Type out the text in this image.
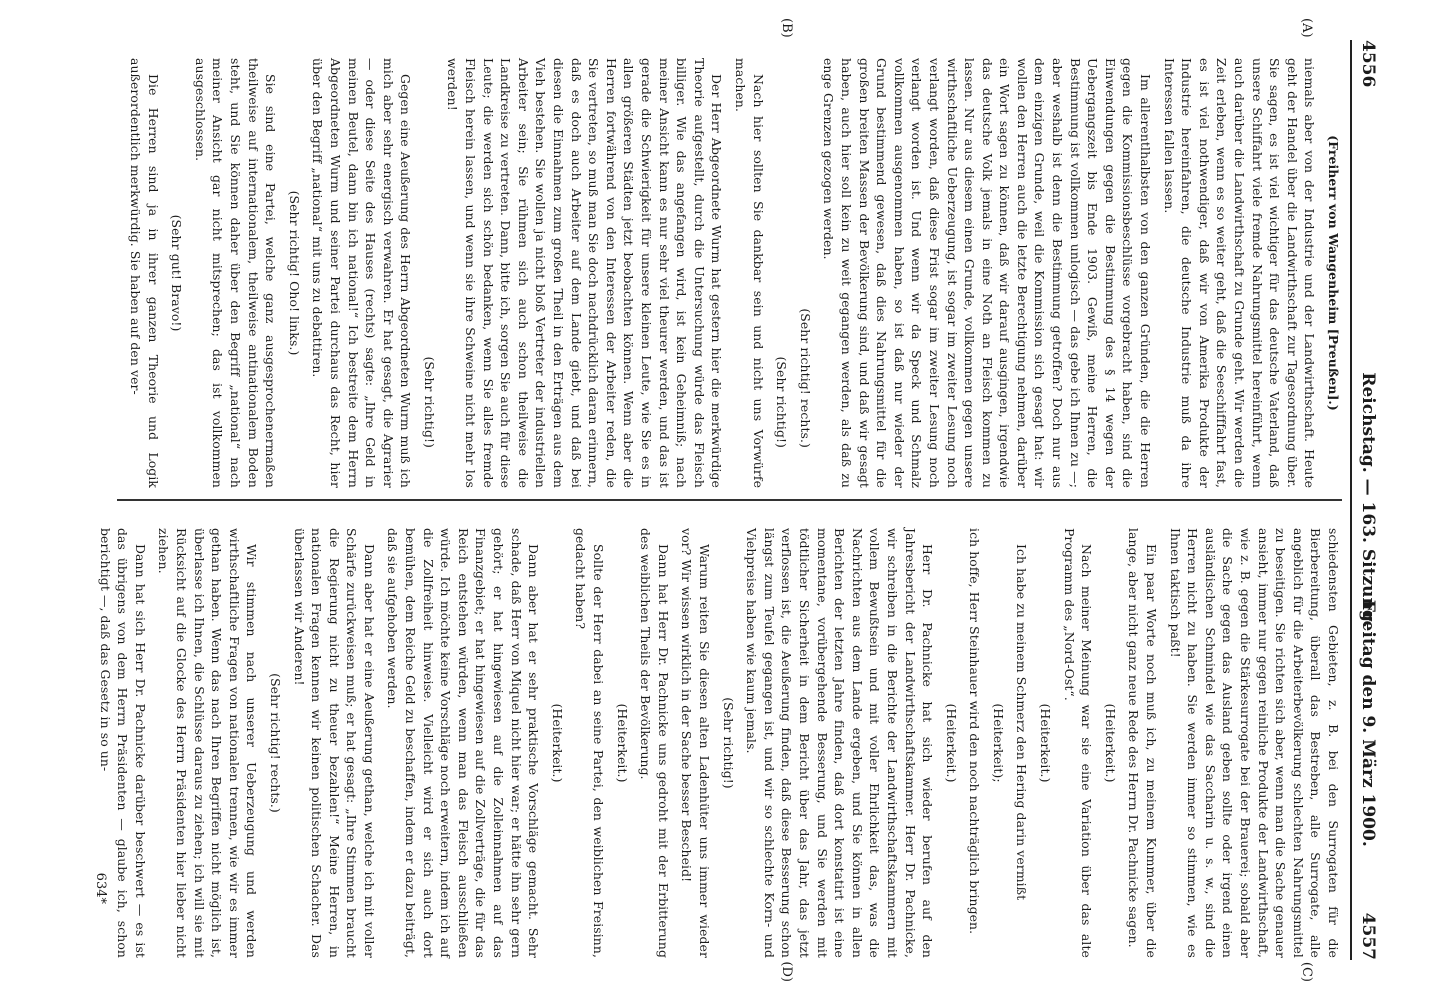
4556
Reichstag. — 163. Sitzung.
Freitag den 9. März 1900. 4557
(A)
(B)
(C)
(D)

(Freiherr von Wangenheim [Preußen].)

niemals aber von der Industrie und der Landwirthschaft. Heute geht der Handel über die Landwirthschaft zur Tagesordnung über. Sie sagen, es ist viel wichtiger für das deutsche Vaterland, daß unsere Schiffahrt viele fremde Nahrungsmittel hereinführt, wenn auch darüber die Landwirthschaft zu Grunde geht. Wir werden die Zeit erleben, wenn es so weiter geht, daß die Seeschifffahrt fast, es ist viel nothwendiger, daß wir von Amerika Produkte der Industrie hereinfahren, die deutsche Industrie muß da ihre Interessen fallen lassen.

Im allerentlhalbsten von den ganzen Gründen, die die Herren gegen die Kommissionsbeschlüsse vorgebracht haben, sind die Einwendungen gegen die Bestimmung des § 14 wegen der Uebergangszeit bis Ende 1903. Gewiß, meine Herren, die Bestimmung ist vollkommen unlogisch — das gebe ich Ihnen zu —; aber weshalb ist denn die Bestimmung getroffen? Doch nur aus dem einzigen Grunde, weil die Kommission sich gesagt hat: wir wollen den Herren auch die letzte Berechtigung nehmen, darüber ein Wort sagen zu können, daß wir darauf ausgingen, irgendwie das deutsche Volk jemals in eine Noth an Fleisch kommen zu lassen. Nur aus diesem einen Grunde, vollkommen gegen unsere wirthschaftliche Ueberzeugung, ist sogar im zweiter Lesung noch verlangt worden, daß diese Frist sogar im zweiter Lesung noch verlangt worden ist. Und wenn wir da Speck und Schmalz vollkommen ausgenommen haben, so ist daß nur wieder der Grund bestimmend gewesen, daß dies Nahrungsmittel für die großen breiten Massen der Bevölkerung sind, und daß wir gesagt haben, auch hier soll kein zu weit gegangen werden, als daß zu enge Grenzen gezogen werden.

(Sehr richtig! rechts.)

(Sehr richtig!)

Nach hier sollten Sie dankbar sein und nicht uns Vorwürfe machen.

Der Herr Abgeordnete Wurm hat gestern hier die merkwürdige Theorie aufgestellt, durch die Untersuchung würde das Fleisch billiger. Wie das angefangen wird, ist kein Geheimniß; nach meiner Ansicht kann es nur sehr viel theurer werden, und das ist gerade die Schwierigkeit für unsere kleinen Leute, wie Sie es in allen größeren Städten jetzt beobachten können. Wenn aber die Herren fortwährend von den Interessen der Arbeiter reden, die Sie vertreten, so muß man Sie doch nachdrücklich daran erinnern, daß es doch auch Arbeiter auf dem Lande giebt, und daß bei diesen die Einnahmen zum großen Theil in den Erträgen aus dem Vieh bestehen. Sie wollen ja nicht bloß Vertreter der industriellen Arbeiter sein; Sie rühmen sich auch schon theilweise die Landkreise zu vertreten. Dann, bitte ich, sorgen Sie auch für diese Leute; die werden sich schön bedanken, wenn Sie alles fremde Fleisch herein lassen, und wenn sie ihre Schweine nicht mehr los werden!

(Sehr richtig!)

Gegen eine Aeußerung des Herrn Abgeordneten Wurm muß ich mich aber sehr energisch verwahren. Er hat gesagt, die Agrarier — oder diese Seite des Hauses (rechts) sagte: „Ihre Geld in meinen Beutel, dann bin ich national!“ Ich bestreite dem Herrn Abgeordneten Wurm und seiner Partei durchaus das Recht, hier über den Begriff „national“ mit uns zu debattiren.

(Sehr richtig! Oho! links.)

Sie sind eine Partei, welche ganz ausgesprochenermaßen theilweise auf internationalem, theilweise antinationalem Boden steht, und Sie können daher über den Begriff „national“ nach meiner Ansicht gar nicht mitsprechen; das ist vollkommen ausgeschlossen.

(Sehr gut! Bravo!)

Die Herren sind ja in ihrer ganzen Theorie und Logik außerordentlich merkwürdig. Sie haben auf den ver-

schiedensten Gebieten, z. B. bei den Surrogaten für die Bierbereitung, überall das Bestreben, alle Surrogate, alle angeblich für die Arbeiterbevölkerung schlechten Nahrungsmittel zu beseitigen. Sie richten sich aber, wenn man die Sache genauer ansieht, immer nur gegen reinliche Produkte der Landwirthschaft, wie z. B. gegen die Stärkesurrogate bei der Brauerei; sobald aber die Sache gegen das Ausland geben sollte oder irgend einen ausländischen Schmindel wie das Saccharin u. s. w., sind die Herren nicht zu haben. Sie werden immer so stimmen, wie es Ihnen taktisch paßt!

Ein paar Worte noch muß ich, zu meinem Kummer, über die lange, aber nicht ganz neue Rede des Herrn Dr. Pachnicke sagen.

(Heiterkeit.)

Nach meiner Meinung war sie eine Variation über das alte Programm des „Nord-Ost“.

(Heiterkeit.)

Ich habe zu meinem Schmerz den Hering darin vermißt

(Heiterkeit);

ich hoffe, Herr Steinhauer wird den noch nachträglich bringen.

(Heiterkeit.)

Herr Dr. Pachnicke hat sich wieder berufen auf den Jahresbericht der Landwirthschaftskammer. Herr Dr. Pachnicke, wir schreiben in die Berichte der Landwirthschaftskammern mit vollem Bewußtsein und mit voller Ehrlichkeit das, was die Nachrichten aus dem Lande ergeben, und Sie können in allen Berichten der letzten Jahre finden, daß dort konstatirt ist eine momentane, vorübergehende Besserung, und Sie werden mit tödtlicher Sicherheit in dem Bericht über das Jahr, das jetzt verflossen ist, die Aeußerung finden, daß diese Besserung schon längst zum Teufel gegangen ist, und wir so schlechte Korn- und Viehpreise haben wie kaum jemals.

(Sehr richtig!)

Warum reiten Sie diesen alten Ladenhüter uns immer wieder vor? Wir wissen wirklich in der Sache besser Bescheid!

Dann hat Herr Dr. Pachnicke uns gedroht mit der Erbitterung des weiblichen Theils der Bevölkerung.

(Heiterkeit.)

Sollte der Herr dabei an seine Partei, den weiblichen Freisinn, gedacht haben?

(Heiterkeit.)

Dann aber hat er sehr praktische Vorschläge gemacht. Sehr schade, daß Herr von Miquel nicht hier war; er hätte ihn sehr gern gehört; er hat hingewiesen auf die Zolleinnahmen auf das Finanzgebiet; er hat hingewiesen auf die Zollverträge, die für das Reich entstehen würden, wenn man das Fleisch ausschließen würde. Ich möchte keine Vorschläge noch erweitern, indem ich auf die Zollfreiheit hinweise. Vielleicht wird er sich auch dort bemühen, dem Reiche Geld zu beschaffen, indem er dazu beiträgt, daß sie aufgehoben werden.

Dann aber hat er eine Aeußerung gethan, welche ich mit voller Schärfe zurückweisen muß; er hat gesagt: „Ihre Stimmen braucht die Regierung nicht zu theuer bezahlen!“ Meine Herren, in nationalen Fragen kennen wir keinen politischen Schacher. Das überlassen wir Anderen!

(Sehr richtig! rechts.)

Wir stimmen nach unserer Ueberzeugung und werden wirthschaftliche Fragen von nationalen trennen, wie wir es immer gethan haben. Wenn das nach Ihren Begriffen nicht möglich ist, überlasse ich Ihnen, die Schlüsse daraus zu ziehen; ich will sie mit Rücksicht auf die Glocke des Herrn Präsidenten hier lieber nicht ziehen.

Dann hat sich Herr Dr. Pachnicke darüber beschwert — es ist das übrigens von dem Herrn Präsidenten — glaube ich, schon berichtigt —, daß das Gesetz in so un-

634*
